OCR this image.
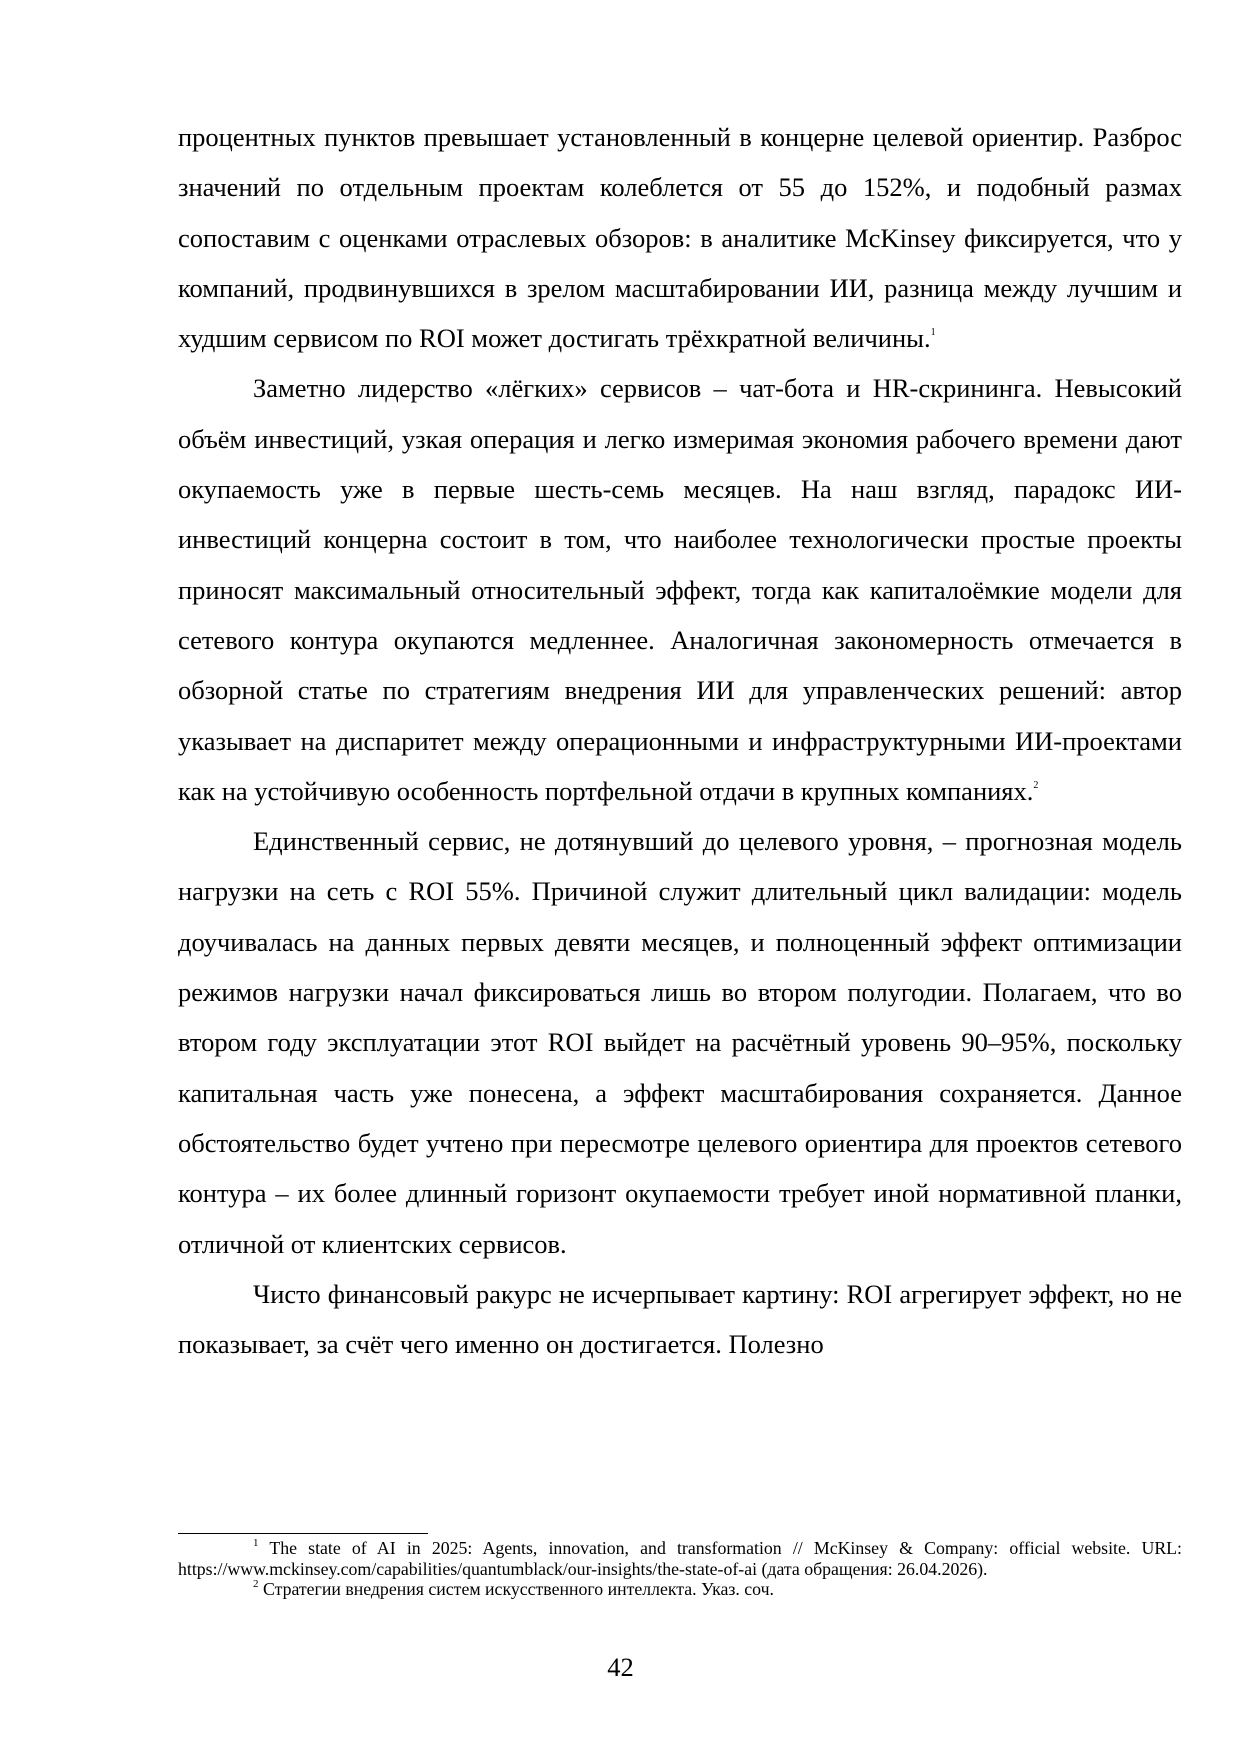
процентных пунктов превышает установленный в концерне целевой ориентир. Разброс значений по отдельным проектам колеблется от 55 до 152%, и подобный размах сопоставим с оценками отраслевых обзоров: в аналитике McKinsey фиксируется, что у компаний, продвинувшихся в зрелом масштабировании ИИ, разница между лучшим и худшим сервисом по ROI может достигать трёхкратной величины.$^1$

Заметно лидерство «лёгких» сервисов – чат-бота и HR-скрининга. Невысокий объём инвестиций, узкая операция и легко измеримая экономия рабочего времени дают окупаемость уже в первые шесть-семь месяцев. На наш взгляд, парадокс ИИ-инвестиций концерна состоит в том, что наиболее технологически простые проекты приносят максимальный относительный эффект, тогда как капиталоёмкие модели для сетевого контура окупаются медленнее. Аналогичная закономерность отмечается в обзорной статье по стратегиям внедрения ИИ для управленческих решений: автор указывает на диспаритет между операционными и инфраструктурными ИИ-проектами как на устойчивую особенность портфельной отдачи в крупных компаниях.$^2$

Единственный сервис, не дотянувший до целевого уровня, – прогнозная модель нагрузки на сеть с ROI 55%. Причиной служит длительный цикл валидации: модель доучивалась на данных первых девяти месяцев, и полноценный эффект оптимизации режимов нагрузки начал фиксироваться лишь во втором полугодии. Полагаем, что во втором году эксплуатации этот ROI выйдет на расчётный уровень 90–95%, поскольку капитальная часть уже понесена, а эффект масштабирования сохраняется. Данное обстоятельство будет учтено при пересмотре целевого ориентира для проектов сетевого контура – их более длинный горизонт окупаемости требует иной нормативной планки, отличной от клиентских сервисов.

Чисто финансовый ракурс не исчерпывает картину: ROI агрегирует эффект, но не показывает, за счёт чего именно он достигается. Полезно

$^1$ The state of AI in 2025: Agents, innovation, and transformation // McKinsey & Company: official website. URL: https://www.mckinsey.com/capabilities/quantumblack/our-insights/the-state-of-ai (дата обращения: 26.04.2026).

$^2$ Стратегии внедрения систем искусственного интеллекта. Указ. соч.

42
